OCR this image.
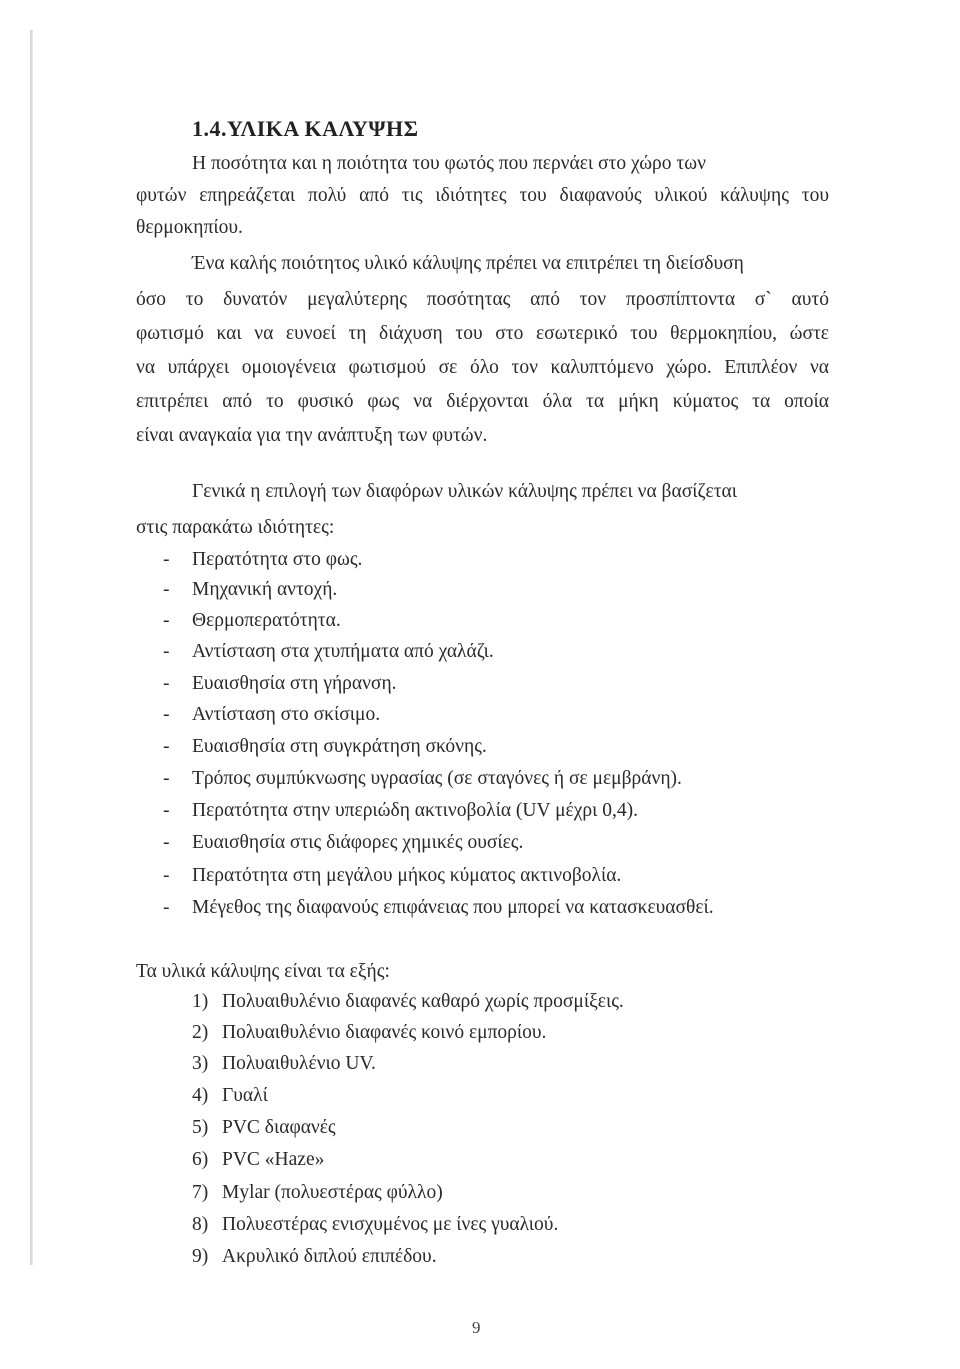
1.4.ΥΛΙΚΑ ΚΑΛΥΨΗΣ
Η ποσότητα και η ποιότητα του φωτός που περνάει στο χώρο των
φυτών επηρεάζεται πολύ από τις ιδιότητες του διαφανούς υλικού κάλυψης του
θερμοκηπίου.
Ένα καλής ποιότητος υλικό κάλυψης πρέπει να επιτρέπει τη διείσδυση
όσο το δυνατόν μεγαλύτερης ποσότητας από τον προσπίπτοντα σ` αυτό
φωτισμό και να ευνοεί τη διάχυση του στο εσωτερικό του θερμοκηπίου, ώστε
να υπάρχει ομοιογένεια φωτισμού σε όλο τον καλυπτόμενο χώρο. Επιπλέον να
επιτρέπει από το φυσικό φως να διέρχονται όλα τα μήκη κύματος τα οποία
είναι αναγκαία για την ανάπτυξη των φυτών.
Γενικά η επιλογή των διαφόρων υλικών κάλυψης πρέπει να βασίζεται
στις παρακάτω ιδιότητες:
- Περατότητα στο φως.
- Μηχανική αντοχή.
- Θερμοπερατότητα.
- Αντίσταση στα χτυπήματα από χαλάζι.
- Ευαισθησία στη γήρανση.
- Αντίσταση στο σκίσιμο.
- Ευαισθησία στη συγκράτηση σκόνης.
- Τρόπος συμπύκνωσης υγρασίας (σε σταγόνες ή σε μεμβράνη).
- Περατότητα στην υπεριώδη ακτινοβολία (UV μέχρι 0,4).
- Ευαισθησία στις διάφορες χημικές ουσίες.
- Περατότητα στη μεγάλου μήκος κύματος ακτινοβολία.
- Μέγεθος της διαφανούς επιφάνειας που μπορεί να κατασκευασθεί.
Τα υλικά κάλυψης είναι τα εξής:
1) Πολυαιθυλένιο διαφανές καθαρό χωρίς προσμίξεις.
2) Πολυαιθυλένιο διαφανές κοινό εμπορίου.
3) Πολυαιθυλένιο UV.
4) Γυαλί
5) PVC διαφανές
6) PVC «Haze»
7) Mylar (πολυεστέρας φύλλο)
8) Πολυεστέρας ενισχυμένος με ίνες γυαλιού.
9) Ακρυλικό διπλού επιπέδου.
9
